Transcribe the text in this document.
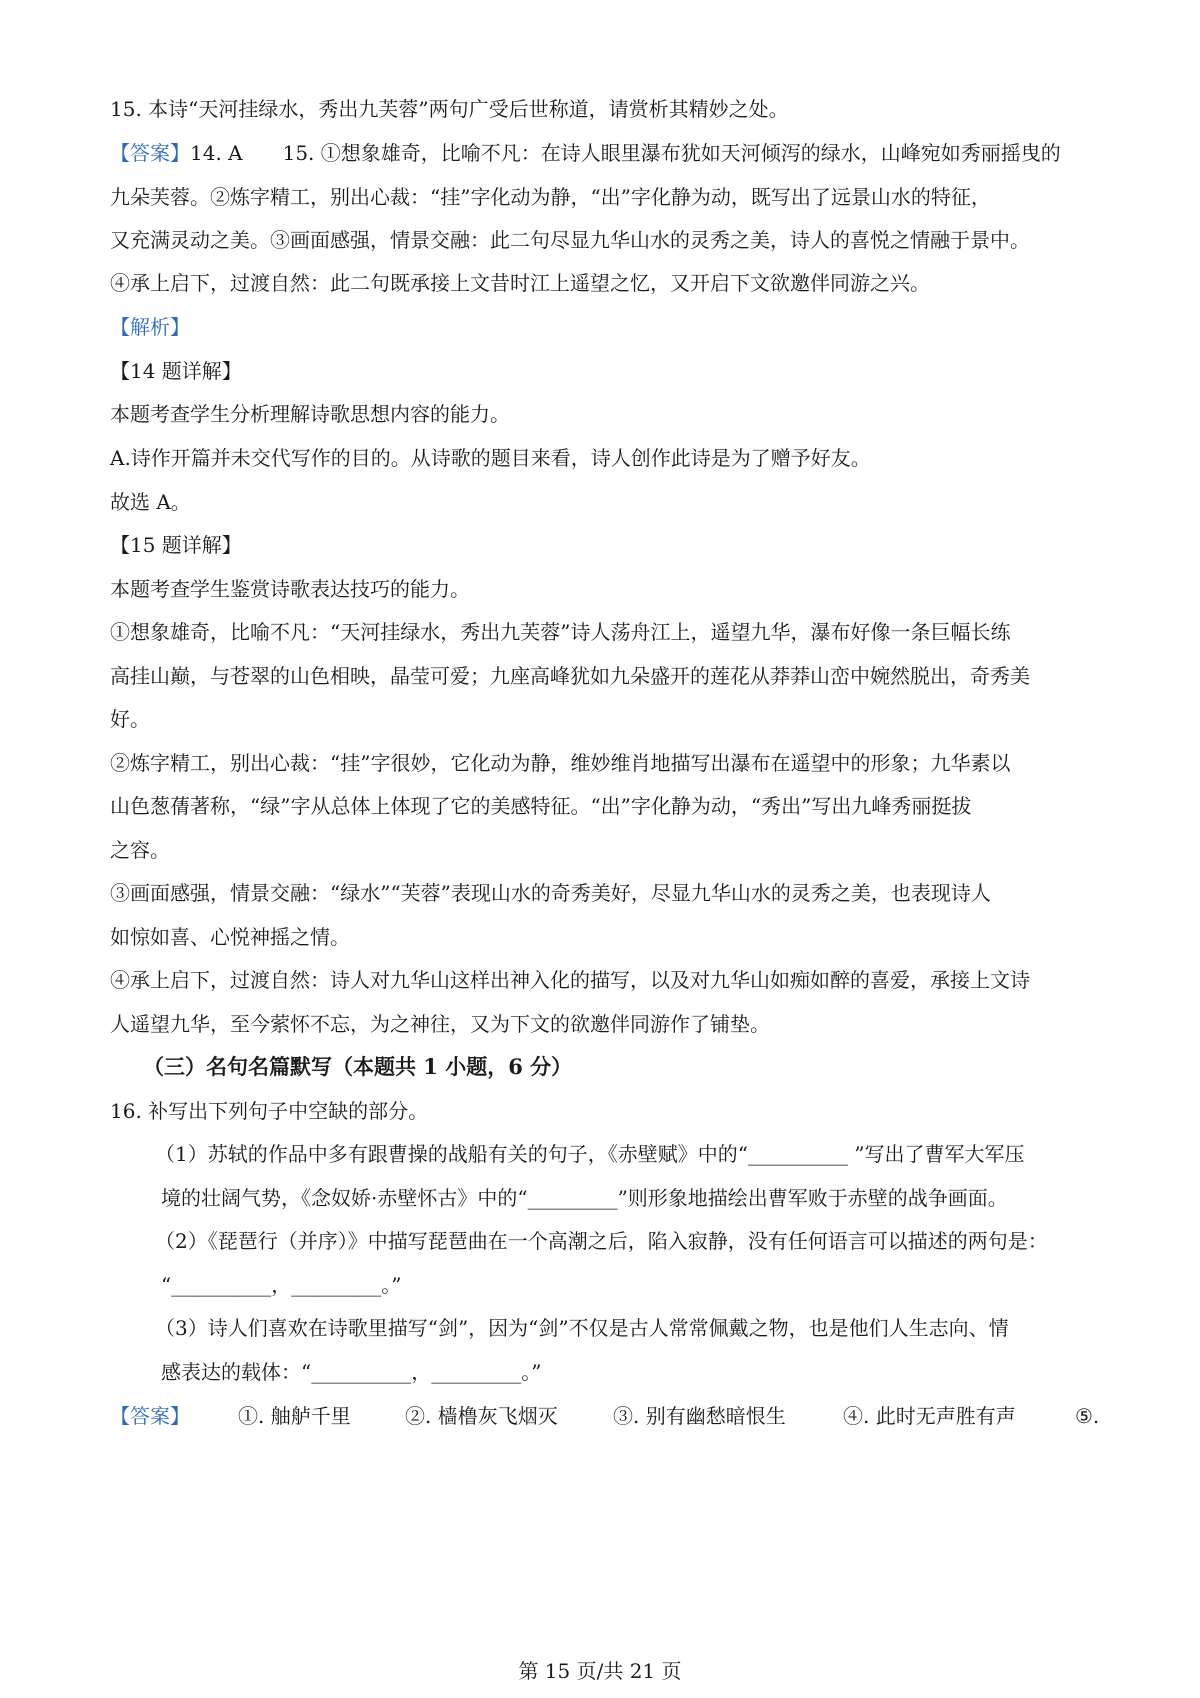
15. 本诗“天河挂绿水，秀出九芙蓉”两句广受后世称道，请赏析其精妙之处。
【答案】14. A　　15. ①想象雄奇，比喻不凡：在诗人眼里瀑布犹如天河倾泻的绿水，山峰宛如秀丽摇曳的
九朵芙蓉。②炼字精工，别出心裁：“挂”字化动为静，“出”字化静为动，既写出了远景山水的特征，
又充满灵动之美。③画面感强，情景交融：此二句尽显九华山水的灵秀之美，诗人的喜悦之情融于景中。
④承上启下，过渡自然：此二句既承接上文昔时江上遥望之忆，又开启下文欲邀伴同游之兴。
【解析】
【14 题详解】
本题考查学生分析理解诗歌思想内容的能力。
A.诗作开篇并未交代写作的目的。从诗歌的题目来看，诗人创作此诗是为了赠予好友。
故选 A。
【15 题详解】
本题考查学生鉴赏诗歌表达技巧的能力。
①想象雄奇，比喻不凡：“天河挂绿水，秀出九芙蓉”诗人荡舟江上，遥望九华，瀑布好像一条巨幅长练
高挂山巅，与苍翠的山色相映，晶莹可爱；九座高峰犹如九朵盛开的莲花从莽莽山峦中婉然脱出，奇秀美
好。
②炼字精工，别出心裁：“挂”字很妙，它化动为静，维妙维肖地描写出瀑布在遥望中的形象；九华素以
山色葱蒨著称，“绿”字从总体上体现了它的美感特征。“出”字化静为动，“秀出”写出九峰秀丽挺拔
之容。
③画面感强，情景交融：“绿水”“芙蓉”表现山水的奇秀美好，尽显九华山水的灵秀之美，也表现诗人
如惊如喜、心悦神摇之情。
④承上启下，过渡自然：诗人对九华山这样出神入化的描写，以及对九华山如痴如醉的喜爱，承接上文诗
人遥望九华，至今萦怀不忘，为之神往，又为下文的欲邀伴同游作了铺垫。
（三）名句名篇默写（本题共 1 小题，6 分）
16. 补写出下列句子中空缺的部分。
（1）苏轼的作品中多有跟曹操的战船有关的句子，《赤壁赋》中的“__________ ”写出了曹军大军压
境的壮阔气势，《念奴娇·赤壁怀古》中的“_________”则形象地描绘出曹军败于赤壁的战争画面。
（2）《琵琶行（并序）》中描写琵琶曲在一个高潮之后，陷入寂静，没有任何语言可以描述的两句是：
“__________，_________。”
（3）诗人们喜欢在诗歌里描写“剑”，因为“剑”不仅是古人常常佩戴之物，也是他们人生志向、情
感表达的载体：“__________，_________。”
【答案】 ①. 舳舻千里	②. 樯橹灰飞烟灭	③. 别有幽愁暗恨生	④. 此时无声胜有声	⑤.
第 15 页/共 21 页
